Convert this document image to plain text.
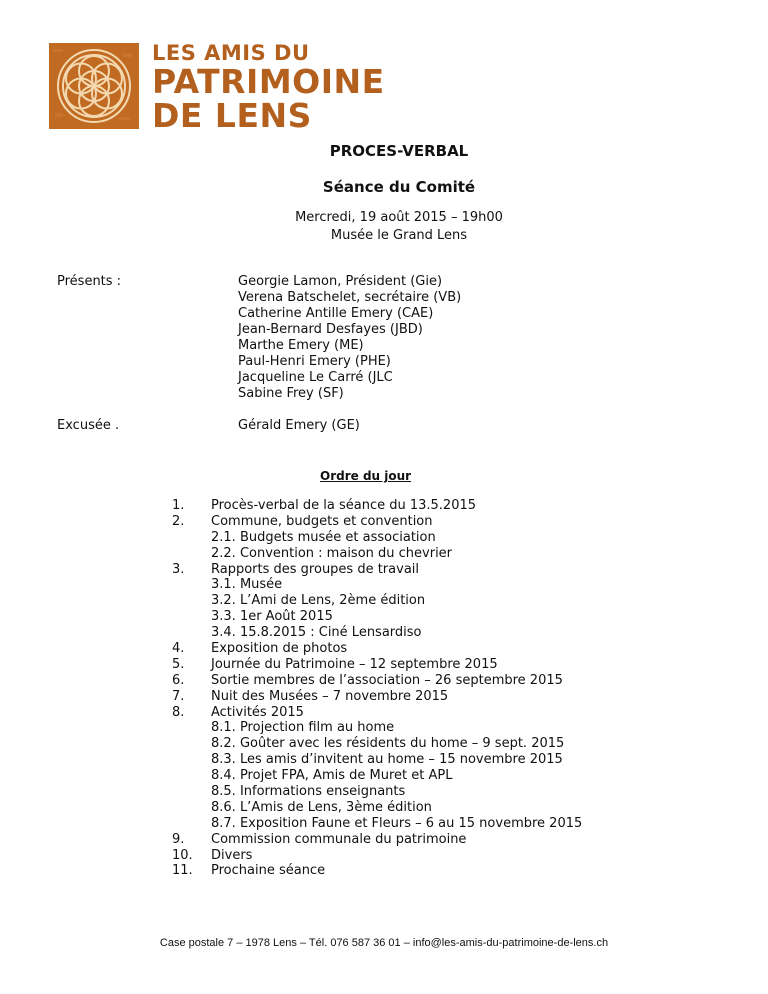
LES AMIS DU
PATRIMOINE
DE LENS
PROCES-VERBAL
Séance du Comité
Mercredi, 19 août 2015 – 19h00
Musée le Grand Lens
Présents :	Georgie Lamon, Président (Gie)
Verena Batschelet, secrétaire (VB)
Catherine Antille Emery (CAE)
Jean-Bernard Desfayes (JBD)
Marthe Emery (ME)
Paul-Henri Emery (PHE)
Jacqueline Le Carré (JLC
Sabine Frey (SF)
Excusée .	Gérald Emery (GE)
Ordre du jour
1.	Procès-verbal de la séance du 13.5.2015
2.	Commune, budgets et convention
2.1. Budgets musée et association
2.2. Convention : maison du chevrier
3.	Rapports des groupes de travail
3.1. Musée
3.2. L’Ami de Lens, 2ème édition
3.3. 1er Août 2015
3.4. 15.8.2015 : Ciné Lensardiso
4.	Exposition de photos
5.	Journée du Patrimoine – 12 septembre 2015
6.	Sortie membres de l’association – 26 septembre 2015
7.	Nuit des Musées – 7 novembre 2015
8.	Activités 2015
8.1. Projection film au home
8.2. Goûter avec les résidents du home – 9 sept. 2015
8.3. Les amis d’invitent au home – 15 novembre 2015
8.4. Projet FPA, Amis de Muret et APL
8.5. Informations enseignants
8.6. L’Amis de Lens, 3ème édition
8.7. Exposition Faune et Fleurs – 6 au 15 novembre 2015
9.	Commission communale du patrimoine
10. Divers
11. Prochaine séance
Case postale 7 – 1978 Lens – Tél. 076 587 36 01 – info@les-amis-du-patrimoine-de-lens.ch
